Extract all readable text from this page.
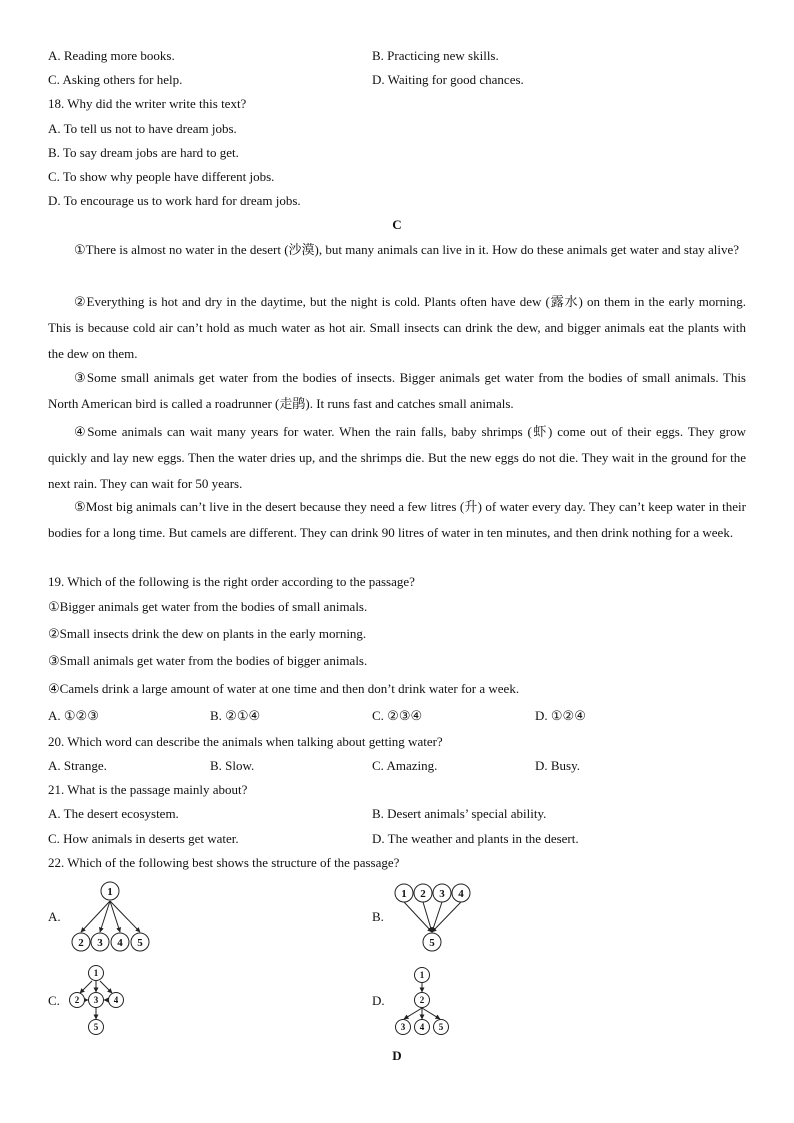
A. Reading more books.	B. Practicing new skills.
C. Asking others for help.	D. Waiting for good chances.
18. Why did the writer write this text?
A. To tell us not to have dream jobs.
B. To say dream jobs are hard to get.
C. To show why people have different jobs.
D. To encourage us to work hard for dream jobs.
C
①There is almost no water in the desert (沙漠), but many animals can live in it. How do these animals get water and stay alive?
②Everything is hot and dry in the daytime, but the night is cold. Plants often have dew (露水) on them in the early morning. This is because cold air can’t hold as much water as hot air. Small insects can drink the dew, and bigger animals eat the plants with the dew on them.
③Some small animals get water from the bodies of insects. Bigger animals get water from the bodies of small animals. This North American bird is called a roadrunner (走鹃). It runs fast and catches small animals.
④Some animals can wait many years for water. When the rain falls, baby shrimps (虾) come out of their eggs. They grow quickly and lay new eggs. Then the water dries up, and the shrimps die. But the new eggs do not die. They wait in the ground for the next rain. They can wait for 50 years.
⑤Most big animals can’t live in the desert because they need a few litres (升) of water every day. They can’t keep water in their bodies for a long time. But camels are different. They can drink 90 litres of water in ten minutes, and then drink nothing for a week.
19. Which of the following is the right order according to the passage?
①Bigger animals get water from the bodies of small animals.
②Small insects drink the dew on plants in the early morning.
③Small animals get water from the bodies of bigger animals.
④Camels drink a large amount of water at one time and then don’t drink water for a week.
A. ①②③	B. ②①④	C. ②③④	D. ①②④
20. Which word can describe the animals when talking about getting water?
A. Strange.	B. Slow.	C. Amazing.	D. Busy.
21. What is the passage mainly about?
A. The desert ecosystem.	B. Desert animals’ special ability.
C. How animals in deserts get water.	D. The weather and plants in the desert.
22. Which of the following best shows the structure of the passage?
A.	B.
C.	D.
1
2 3 4 5
1 2 3 4
5
1
2 3 4
5
1
2
3 4 5
D
